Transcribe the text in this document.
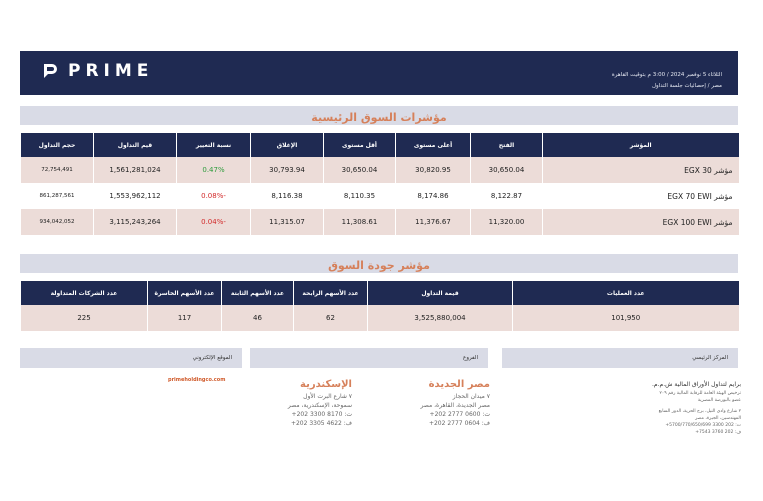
PRIME	الثلاثاء 5 نوفمبر 2024 / 3:00 م بتوقيت القاهرة
مصر / إحصائيات جلسة التداول
مؤشرات السوق الرئيسية
المؤشر	الفتح	أعلى مستوى	أقل مستوى	الإغلاق	نسبة التغيير	قيم التداول	حجم التداول
مؤشر EGX 30	30,650.04	30,820.95	30,650.04	30,793.94	0.47%	1,561,281,024	72,754,491
مؤشر EGX 70 EWI	8,122.87	8,174.86	8,110.35	8,116.38	-0.08%	1,553,962,112	861,287,561
مؤشر EGX 100 EWI	11,320.00	11,376.67	11,308.61	11,315.07	-0.04%	3,115,243,264	934,042,052
مؤشر جودة السوق
عدد العمليات	قيمة التداول	عدد الأسهم الرابحة	عدد الأسهم الثابتة	عدد الأسهم الخاسرة	عدد الشركات المتداولة
101,950	3,525,880,004	62	46	117	225
الموقع الإلكتروني	الفروع	المركز الرئيسي
primeholdingco.com	الإسكندرية
٧ شارع البرت الأول
سموحة، الإسكندرية، مصر
ت: 8170 3300 202+
ف: 4622 3305 202+
مصر الجديدة
٧ ميدان الحجاز
مصر الجديدة، القاهرة، مصر
ت: 0600 2777 202+
ف: 0604 2777 202+
برايم لتداول الأوراق المالية ش.م.م.
ترخيص الهيئة العامة للرقابة المالية رقم ٢٠٩
عضو بالبورصة المصرية
٢ شارع وادي النيل، برج الحرية، الدور السابع
المهندسين، الجيزة، مصر
ت: 202 3300 5700/770/650/699+
ف: 202 3760 7543+
